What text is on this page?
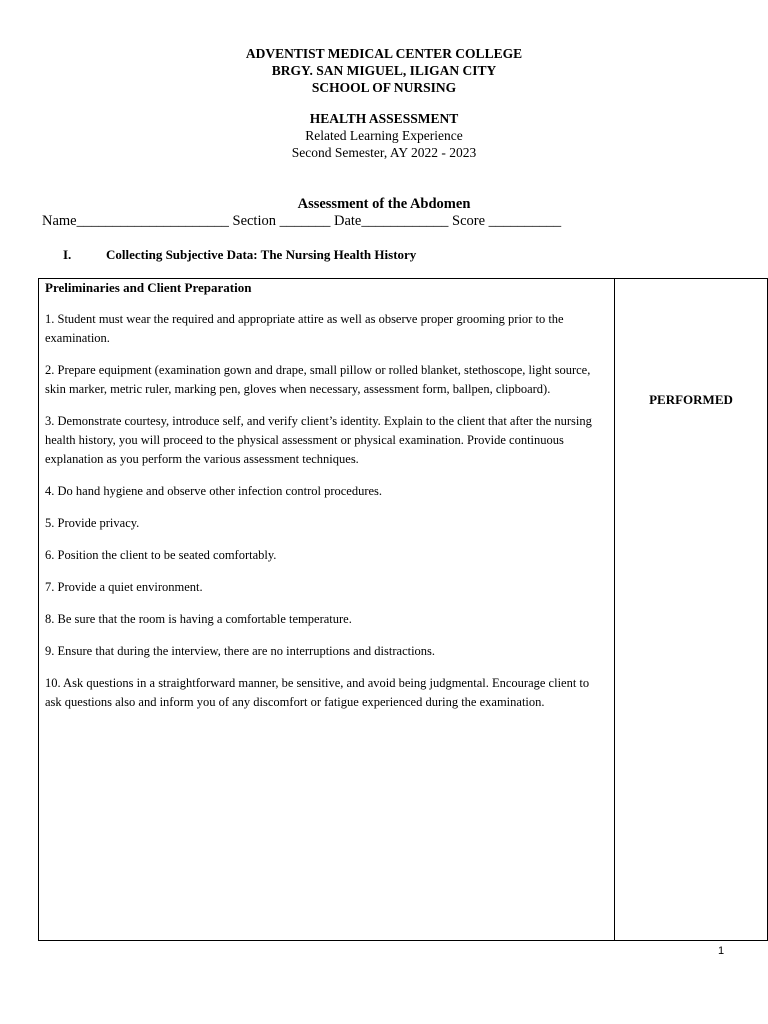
ADVENTIST MEDICAL CENTER COLLEGE
BRGY. SAN MIGUEL, ILIGAN CITY
SCHOOL OF NURSING
HEALTH ASSESSMENT
Related Learning Experience
Second Semester, AY 2022 - 2023
Assessment of the Abdomen
Name_____________________ Section _______ Date____________ Score __________
I.	Collecting Subjective Data: The Nursing Health History
Preliminaries and Client Preparation
1. Student must wear the required and appropriate attire as well as observe proper grooming prior to the examination.
2. Prepare equipment (examination gown and drape, small pillow or rolled blanket, stethoscope, light source, skin marker, metric ruler, marking pen, gloves when necessary, assessment form, ballpen, clipboard).
3. Demonstrate courtesy, introduce self, and verify client’s identity. Explain to the client that after the nursing health history, you will proceed to the physical assessment or physical examination. Provide continuous explanation as you perform the various assessment techniques.
4. Do hand hygiene and observe other infection control procedures.
5. Provide privacy.
6. Position the client to be seated comfortably.
7. Provide a quiet environment.
8. Be sure that the room is having a comfortable temperature.
9. Ensure that during the interview, there are no interruptions and distractions.
10. Ask questions in a straightforward manner, be sensitive, and avoid being judgmental. Encourage client to ask questions also and inform you of any discomfort or fatigue experienced during the examination.

PERFORMED
1
